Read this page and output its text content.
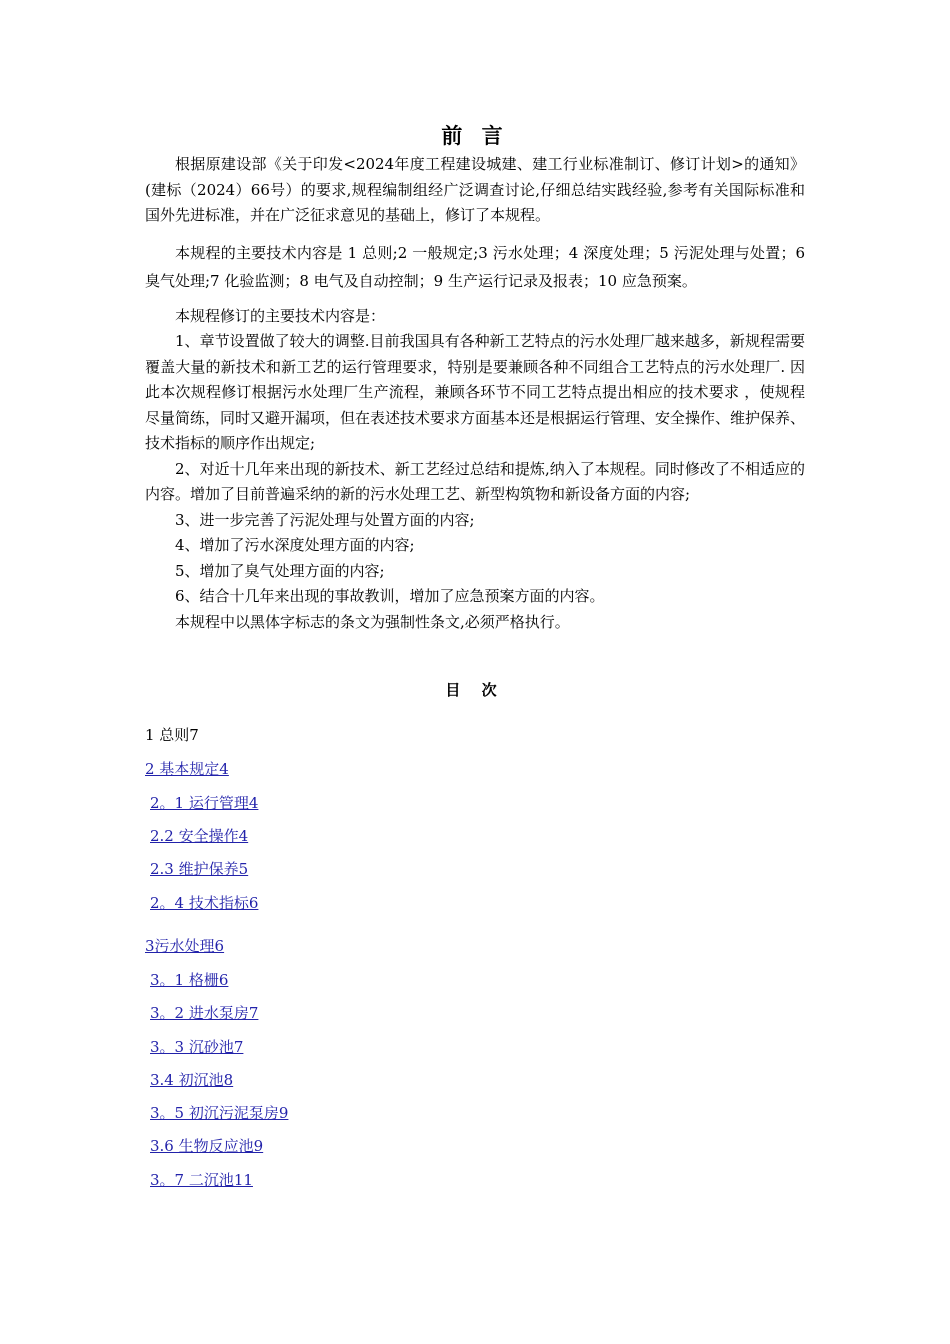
前 言

根据原建设部《关于印发<2024年度工程建设城建、建工行业标准制订、修订计划>的通知》(建标（2024）66号）的要求,规程编制组经广泛调查讨论,仔细总结实践经验,参考有关国际标准和国外先进标准，并在广泛征求意见的基础上，修订了本规程。

本规程的主要技术内容是 1 总则;2 一般规定;3 污水处理；4 深度处理；5 污泥处理与处置；6 臭气处理;7 化验监测；8 电气及自动控制；9 生产运行记录及报表；10 应急预案。

本规程修订的主要技术内容是：

1、章节设置做了较大的调整.目前我国具有各种新工艺特点的污水处理厂越来越多，新规程需要覆盖大量的新技术和新工艺的运行管理要求，特别是要兼顾各种不同组合工艺特点的污水处理厂. 因此本次规程修订根据污水处理厂生产流程，兼顾各环节不同工艺特点提出相应的技术要求 ，使规程尽量简练，同时又避开漏项，但在表述技术要求方面基本还是根据运行管理、安全操作、维护保养、技术指标的顺序作出规定;

2、对近十几年来出现的新技术、新工艺经过总结和提炼,纳入了本规程。同时修改了不相适应的内容。增加了目前普遍采纳的新的污水处理工艺、新型构筑物和新设备方面的内容;

3、进一步完善了污泥处理与处置方面的内容;

4、增加了污水深度处理方面的内容;

5、增加了臭气处理方面的内容;

6、结合十几年来出现的事故教训，增加了应急预案方面的内容。

本规程中以黑体字标志的条文为强制性条文,必须严格执行。

目 次
1 总则7
2 基本规定4
2。1 运行管理4
2.2 安全操作4
2.3 维护保养5
2。4 技术指标6
3污水处理6
3。1 格栅6
3。2 进水泵房7
3。3 沉砂池7
3.4 初沉池8
3。5 初沉污泥泵房9
3.6 生物反应池9
3。7 二沉池11
